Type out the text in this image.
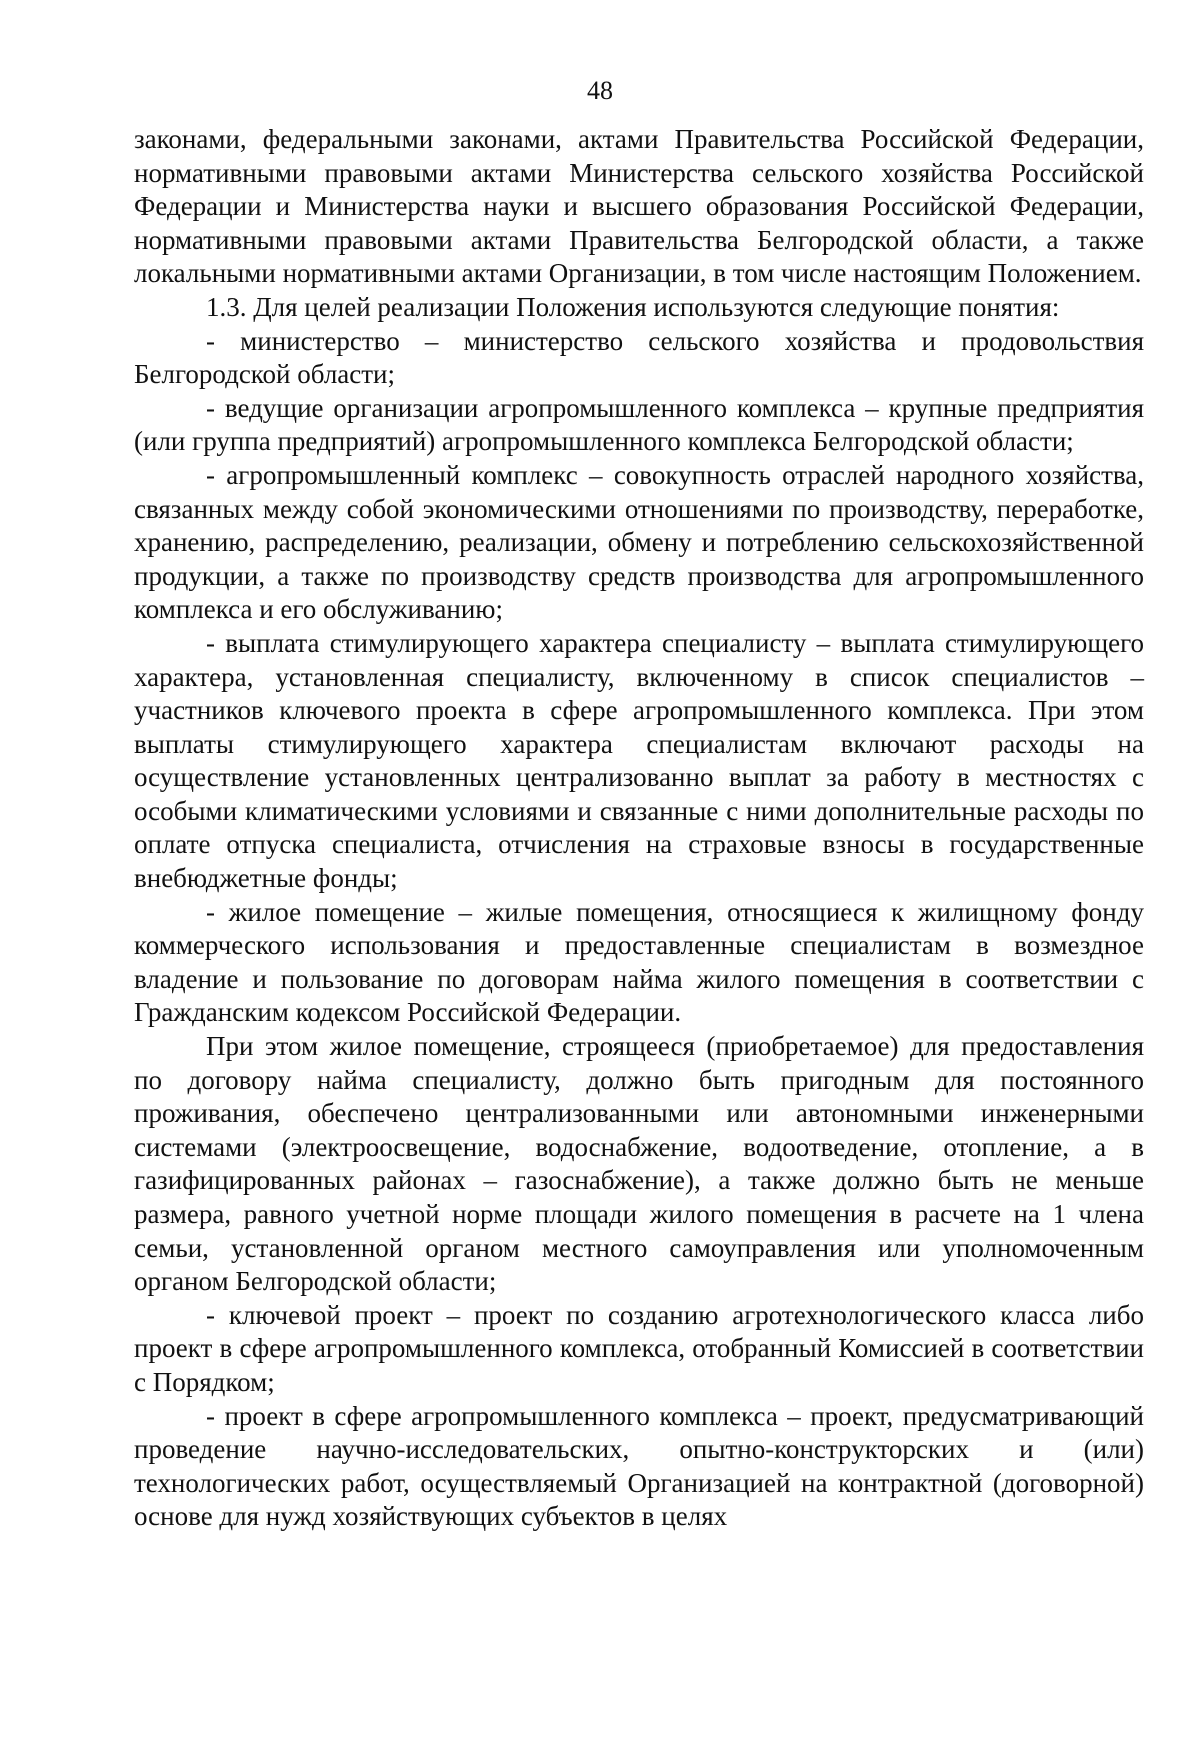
48

законами, федеральными законами, актами Правительства Российской Федерации, нормативными правовыми актами Министерства сельского хозяйства Российской Федерации и Министерства науки и высшего образования Российской Федерации, нормативными правовыми актами Правительства Белгородской области, а также локальными нормативными актами Организации, в том числе настоящим Положением.

1.3. Для целей реализации Положения используются следующие понятия:

- министерство – министерство сельского хозяйства и продовольствия Белгородской области;

- ведущие организации агропромышленного комплекса – крупные предприятия (или группа предприятий) агропромышленного комплекса Белгородской области;

- агропромышленный комплекс – совокупность отраслей народного хозяйства, связанных между собой экономическими отношениями по производству, переработке, хранению, распределению, реализации, обмену и потреблению сельскохозяйственной продукции, а также по производству средств производства для агропромышленного комплекса и его обслуживанию;

- выплата стимулирующего характера специалисту – выплата стимулирующего характера, установленная специалисту, включенному в список специалистов – участников ключевого проекта в сфере агропромышленного комплекса. При этом выплаты стимулирующего характера специалистам включают расходы на осуществление установленных централизованно выплат за работу в местностях с особыми климатическими условиями и связанные с ними дополнительные расходы по оплате отпуска специалиста, отчисления на страховые взносы в государственные внебюджетные фонды;

- жилое помещение – жилые помещения, относящиеся к жилищному фонду коммерческого использования и предоставленные специалистам в возмездное владение и пользование по договорам найма жилого помещения в соответствии с Гражданским кодексом Российской Федерации.

При этом жилое помещение, строящееся (приобретаемое) для предоставления по договору найма специалисту, должно быть пригодным для постоянного проживания, обеспечено централизованными или автономными инженерными системами (электроосвещение, водоснабжение, водоотведение, отопление, а в газифицированных районах – газоснабжение), а также должно быть не меньше размера, равного учетной норме площади жилого помещения в расчете на 1 члена семьи, установленной органом местного самоуправления или уполномоченным органом Белгородской области;

- ключевой проект – проект по созданию агротехнологического класса либо проект в сфере агропромышленного комплекса, отобранный Комиссией в соответствии с Порядком;

- проект в сфере агропромышленного комплекса – проект, предусматривающий проведение научно-исследовательских, опытно-конструкторских и (или) технологических работ, осуществляемый Организацией на контрактной (договорной) основе для нужд хозяйствующих субъектов в целях
